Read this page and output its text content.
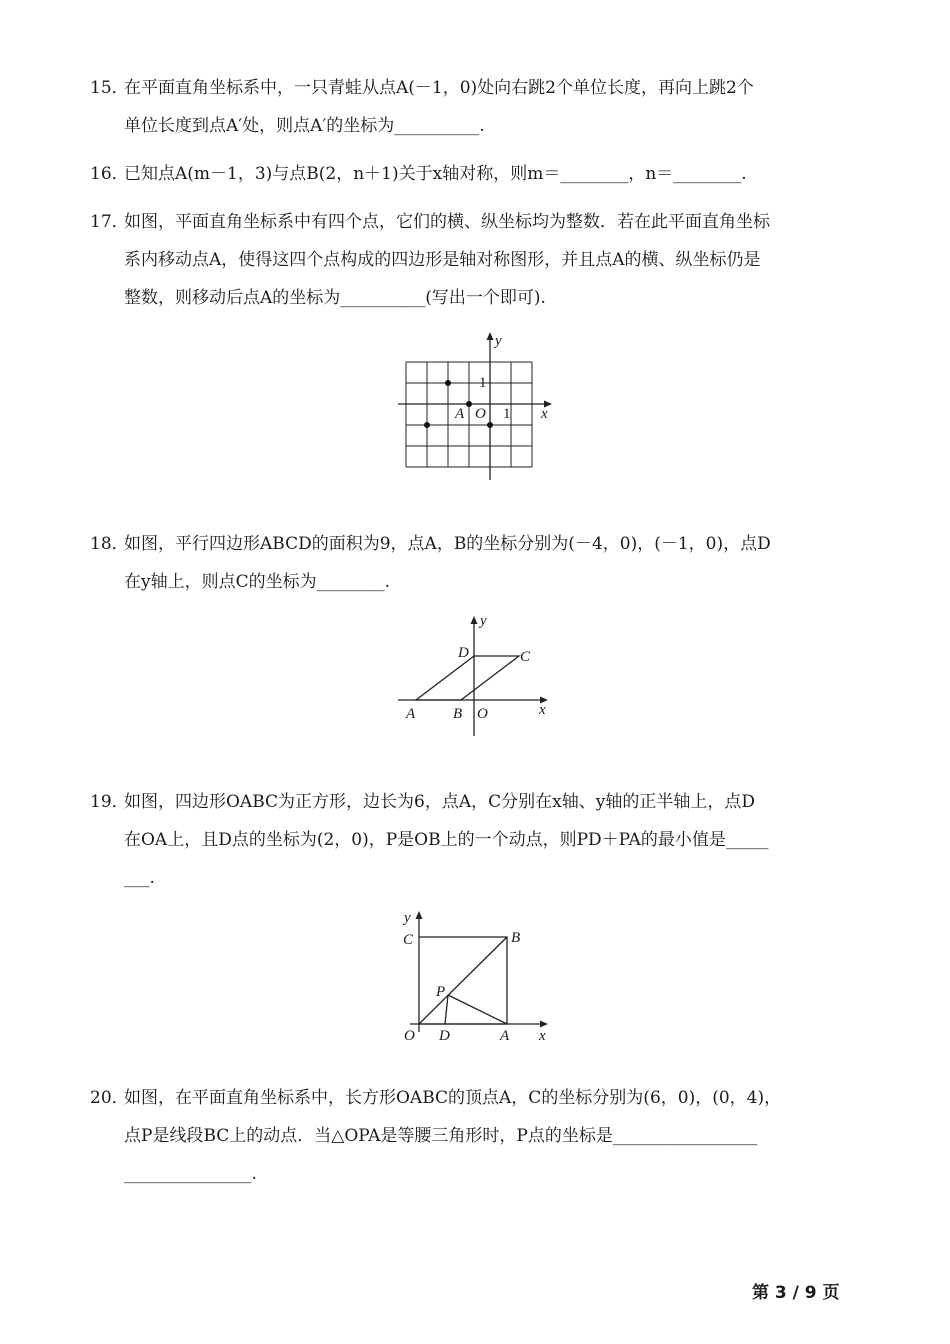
15．在平面直角坐标系中，一只青蛙从点A(－1，0)处向右跳2个单位长度，再向上跳2个
单位长度到点A′处，则点A′的坐标为__________.
16．已知点A(m－1，3)与点B(2，n＋1)关于x轴对称，则m＝________，n＝________.
17．如图，平面直角坐标系中有四个点，它们的横、纵坐标均为整数．若在此平面直角坐标
系内移动点A，使得这四个点构成的四边形是轴对称图形，并且点A的横、纵坐标仍是
整数，则移动后点A的坐标为__________(写出一个即可).
y
x
1
1
A O
18．如图，平行四边形ABCD的面积为9，点A，B的坐标分别为(－4，0)，(－1，0)，点D
在y轴上，则点C的坐标为________.
y
x
A	B O
C
D
19．如图，四边形OABC为正方形，边长为6，点A，C分别在x轴、y轴的正半轴上，点D
在OA上，且D点的坐标为(2，0)，P是OB上的一个动点，则PD＋PA的最小值是_____
___.
y
x
C	B
P
O D	A
20．如图，在平面直角坐标系中，长方形OABC的顶点A，C的坐标分别为(6，0)，(0，4)，
点P是线段BC上的动点．当△OPA是等腰三角形时，P点的坐标是_________________
_______________.
第 3 / 9 页
